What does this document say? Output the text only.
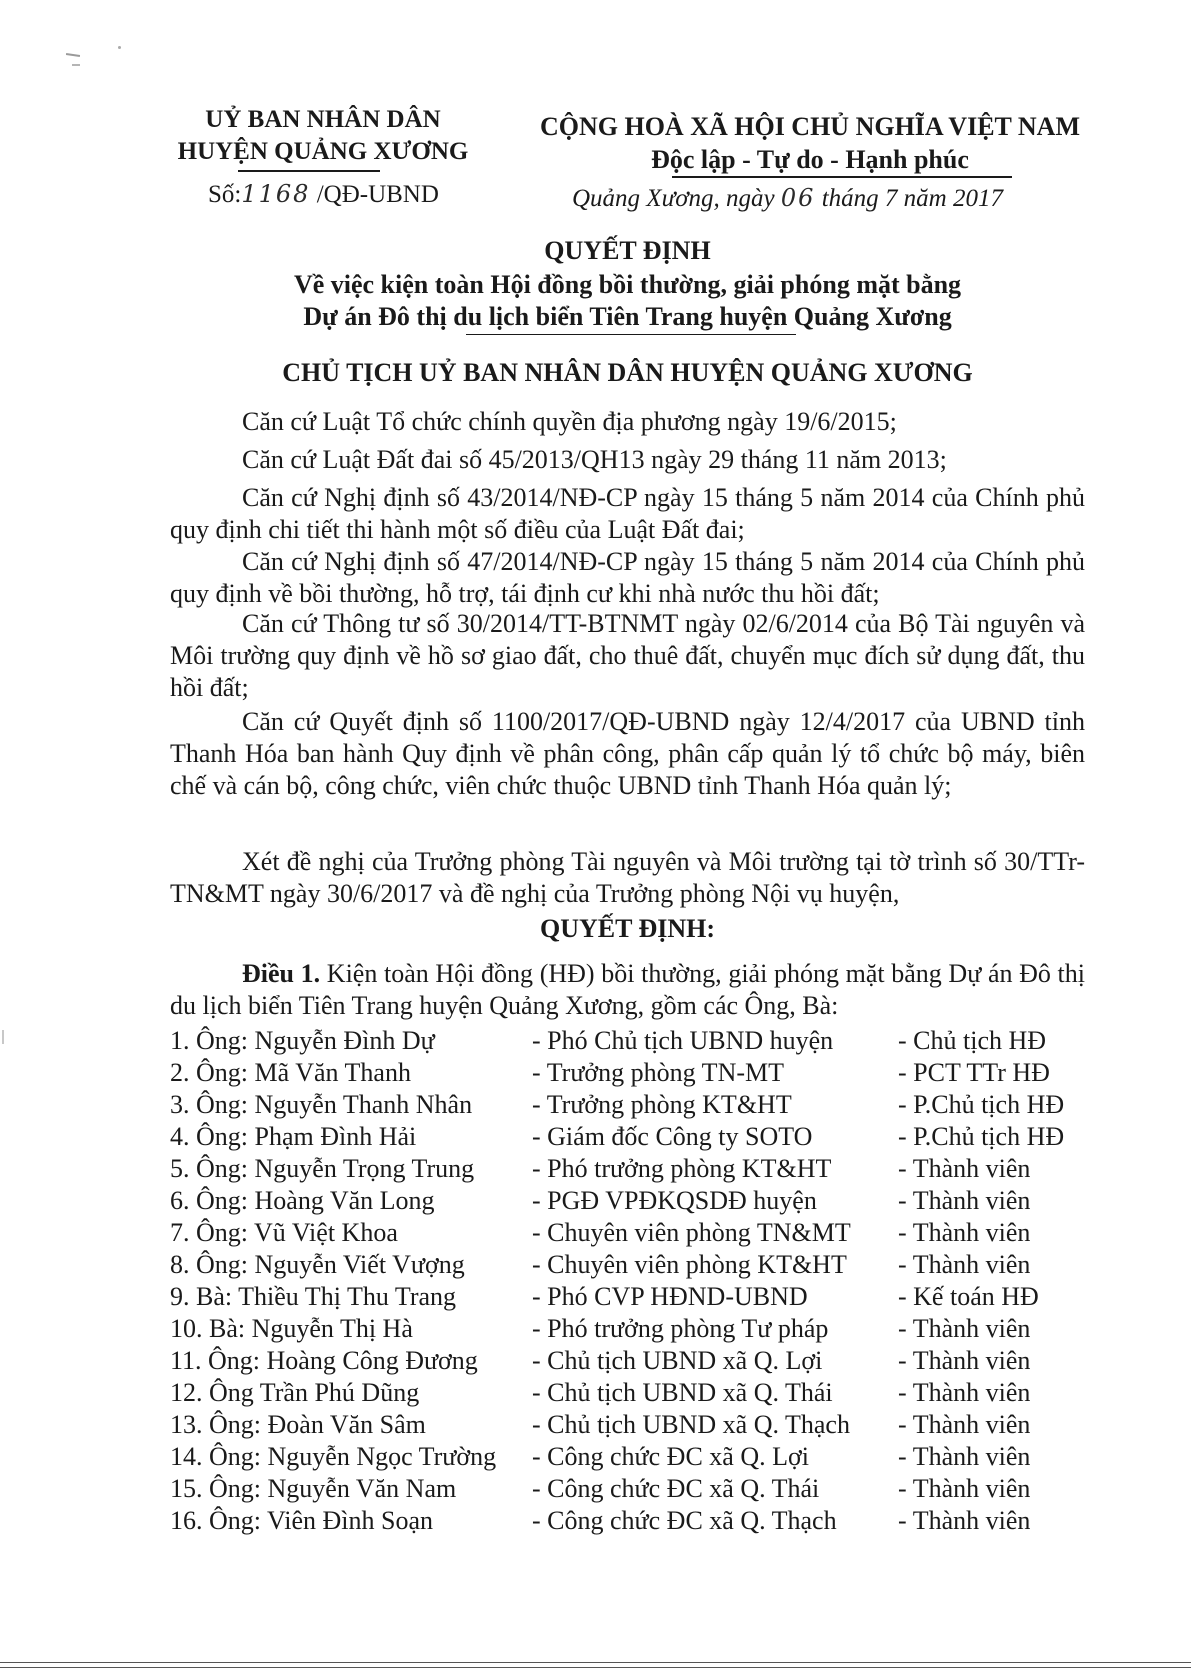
UỶ BAN NHÂN DÂN
HUYỆN QUẢNG XƯƠNG
Số:1168 /QĐ-UBND
CỘNG HOÀ XÃ HỘI CHỦ NGHĨA VIỆT NAM
Độc lập - Tự do - Hạnh phúc
Quảng Xương, ngày 06 tháng 7 năm 2017
QUYẾT ĐỊNH
Về việc kiện toàn Hội đồng bồi thường, giải phóng mặt bằng
Dự án Đô thị du lịch biển Tiên Trang huyện Quảng Xương
CHỦ TỊCH UỶ BAN NHÂN DÂN HUYỆN QUẢNG XƯƠNG
Căn cứ Luật Tổ chức chính quyền địa phương ngày 19/6/2015;
Căn cứ Luật Đất đai số 45/2013/QH13 ngày 29 tháng 11 năm 2013;
Căn cứ Nghị định số 43/2014/NĐ-CP ngày 15 tháng 5 năm 2014 của Chính phủ quy định chi tiết thi hành một số điều của Luật Đất đai;
Căn cứ Nghị định số 47/2014/NĐ-CP ngày 15 tháng 5 năm 2014 của Chính phủ quy định về bồi thường, hỗ trợ, tái định cư khi nhà nước thu hồi đất;
Căn cứ Thông tư số 30/2014/TT-BTNMT ngày 02/6/2014 của Bộ Tài nguyên và Môi trường quy định về hồ sơ giao đất, cho thuê đất, chuyển mục đích sử dụng đất, thu hồi đất;
Căn cứ Quyết định số 1100/2017/QĐ-UBND ngày 12/4/2017 của UBND tỉnh Thanh Hóa ban hành Quy định về phân công, phân cấp quản lý tổ chức bộ máy, biên chế và cán bộ, công chức, viên chức thuộc UBND tỉnh Thanh Hóa quản lý;
Xét đề nghị của Trưởng phòng Tài nguyên và Môi trường tại tờ trình số 30/TTr-TN&MT ngày 30/6/2017 và đề nghị của Trưởng phòng Nội vụ huyện,
QUYẾT ĐỊNH:
Điều 1. Kiện toàn Hội đồng (HĐ) bồi thường, giải phóng mặt bằng Dự án Đô thị du lịch biển Tiên Trang huyện Quảng Xương, gồm các Ông, Bà:
1. Ông: Nguyễn Đình Dự	- Phó Chủ tịch UBND huyện - Chủ tịch HĐ
2. Ông: Mã Văn Thanh	- Trưởng phòng TN-MT	- PCT TTr HĐ
3. Ông: Nguyễn Thanh Nhân - Trưởng phòng KT&HT	- P.Chủ tịch HĐ
4. Ông: Phạm Đình Hải	- Giám đốc Công ty SOTO	- P.Chủ tịch HĐ
5. Ông: Nguyễn Trọng Trung - Phó trưởng phòng KT&HT	- Thành viên
6. Ông: Hoàng Văn Long	- PGĐ VPĐKQSDĐ huyện	- Thành viên
7. Ông: Vũ Việt Khoa	- Chuyên viên phòng TN&MT - Thành viên
8. Ông: Nguyễn Viết Vượng	- Chuyên viên phòng KT&HT - Thành viên
9. Bà: Thiều Thị Thu Trang	- Phó CVP HĐND-UBND	- Kế toán HĐ
10. Bà: Nguyễn Thị Hà	- Phó trưởng phòng Tư pháp	- Thành viên
11. Ông: Hoàng Công Đương - Chủ tịch UBND xã Q. Lợi	- Thành viên
12. Ông Trần Phú Dũng	- Chủ tịch UBND xã Q. Thái	- Thành viên
13. Ông: Đoàn Văn Sâm	- Chủ tịch UBND xã Q. Thạch - Thành viên
14. Ông: Nguyễn Ngọc Trường - Công chức ĐC xã Q. Lợi	- Thành viên
15. Ông: Nguyễn Văn Nam	- Công chức ĐC xã Q. Thái	- Thành viên
16. Ông: Viên Đình Soạn	- Công chức ĐC xã Q. Thạch - Thành viên
